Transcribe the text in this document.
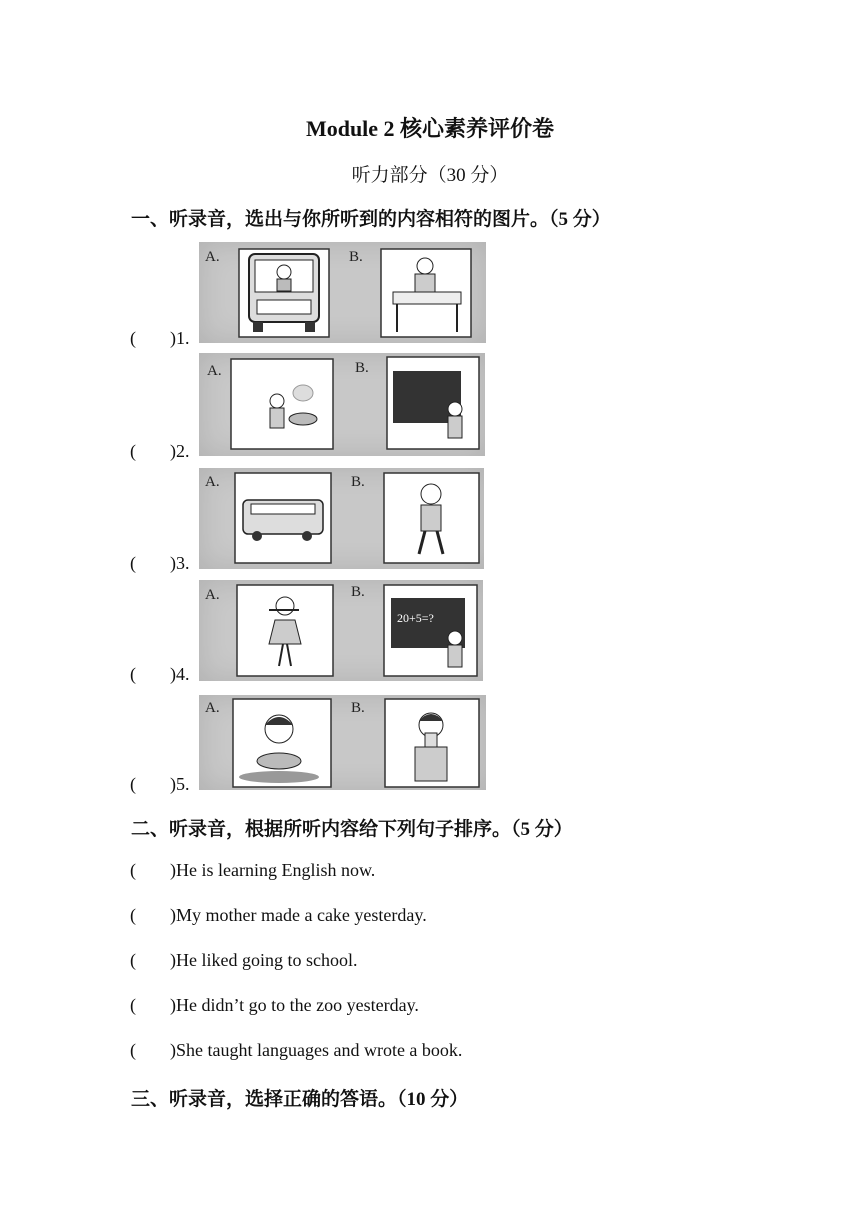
Module 2 核心素养评价卷
听力部分（30 分）
一、听录音，选出与你所听到的内容相符的图片。（5 分）
A.	B.
( )1.
A.	B.
( )2.
A.	B.
( )3.
A.	B.
20+5=?
( )4.
A.	B.
( )5.
二、听录音，根据所听内容给下列句子排序。（5 分）
( )He is learning English now.
( )My mother made a cake yesterday.
( )He liked going to school.
( )He didn’t go to the zoo yesterday.
( )She taught languages and wrote a book.
三、听录音，选择正确的答语。（10 分）
